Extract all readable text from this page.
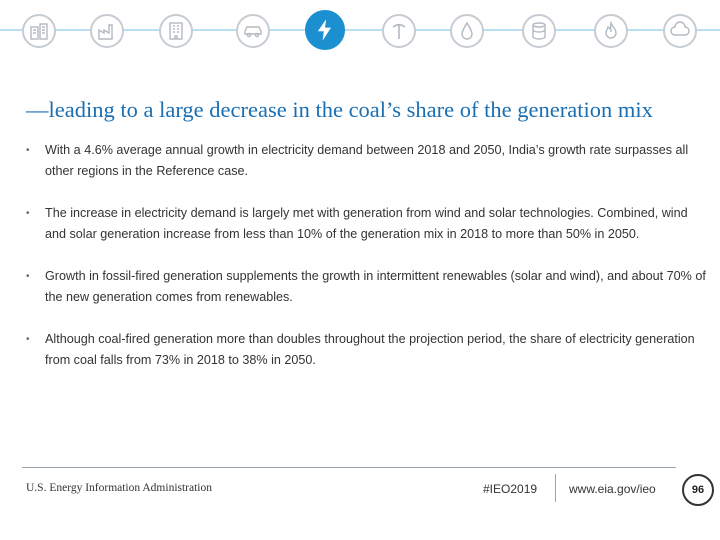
—leading to a large decrease in the coal’s share of the generation mix
• With a 4.6% average annual growth in electricity demand between 2018 and 2050, India’s growth rate surpasses all other regions in the Reference case.
• The increase in electricity demand is largely met with generation from wind and solar technologies. Combined, wind and solar generation increase from less than 10% of the generation mix in 2018 to more than 50% in 2050.
• Growth in fossil-fired generation supplements the growth in intermittent renewables (solar and wind), and about 70% of the new generation comes from renewables.
• Although coal-fired generation more than doubles throughout the projection period, the share of electricity generation from coal falls from 73% in 2018 to 38% in 2050.
U.S. Energy Information Administration	#IEO2019	www.eia.gov/ieo	96
